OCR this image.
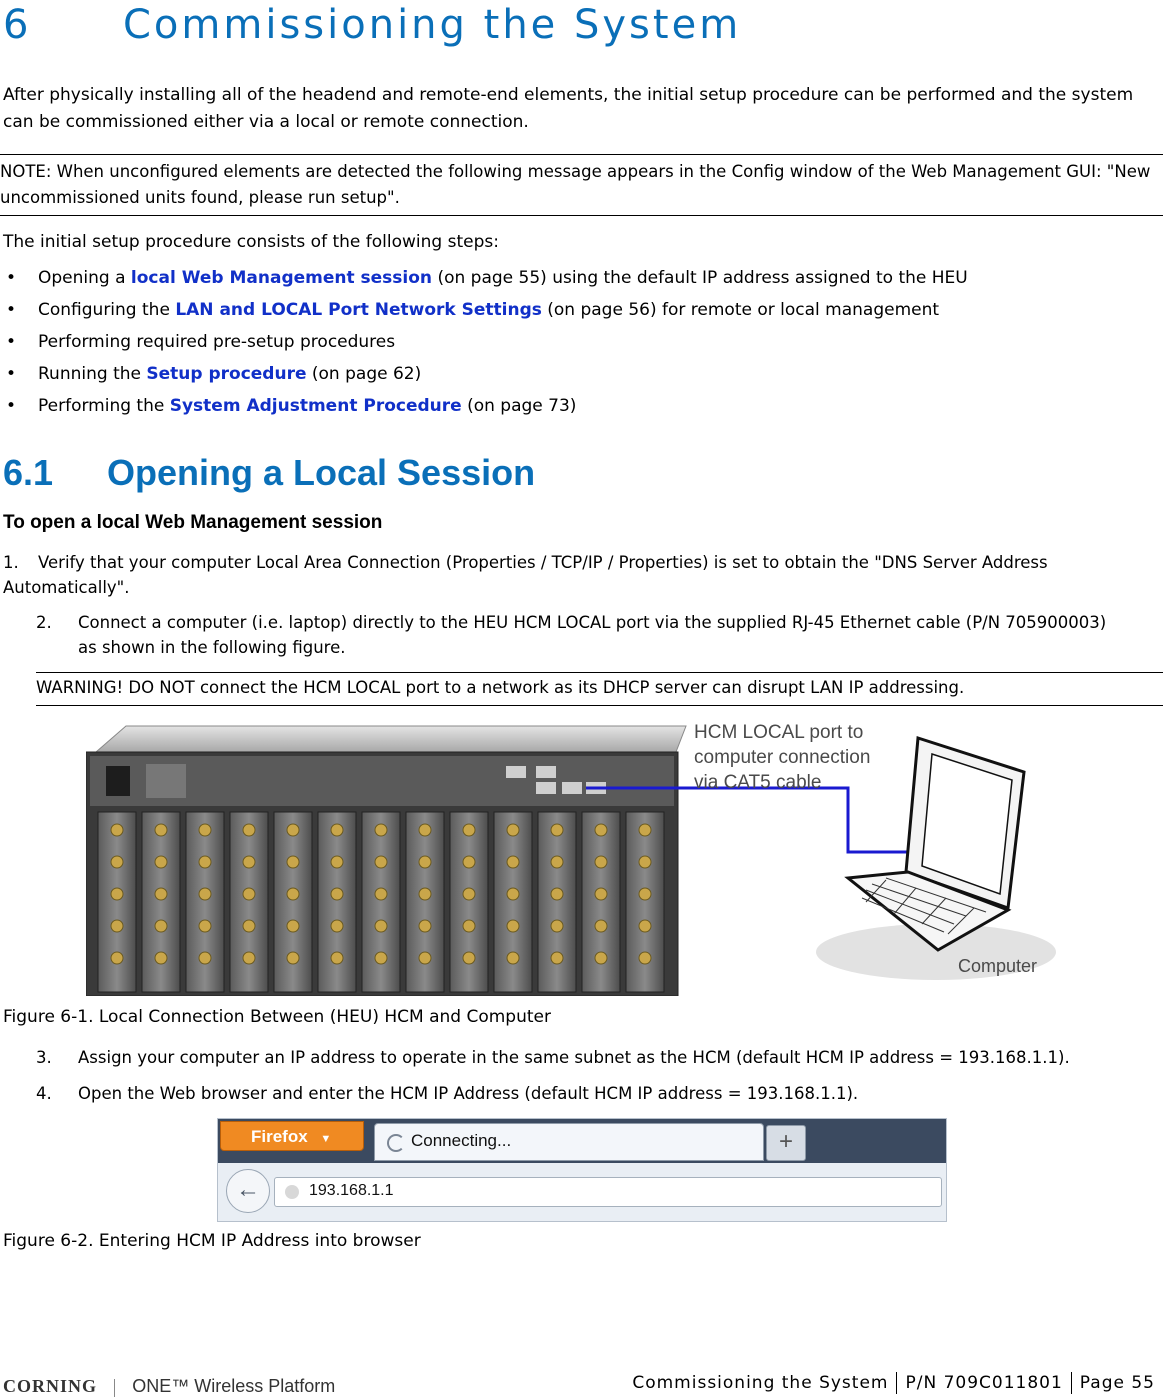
6 Commissioning the System
After physically installing all of the headend and remote-end elements, the initial setup procedure can be performed and the system can be commissioned either via a local or remote connection.
NOTE: When unconfigured elements are detected the following message appears in the Config window of the Web Management GUI: "New uncommissioned units found, please run setup".
The initial setup procedure consists of the following steps:
• Opening a local Web Management session (on page 55) using the default IP address assigned to the HEU
• Configuring the LAN and LOCAL Port Network Settings (on page 56) for remote or local management
• Performing required pre-setup procedures
• Running the Setup procedure (on page 62)
• Performing the System Adjustment Procedure (on page 73)
6.1 Opening a Local Session
To open a local Web Management session
1. Verify that your computer Local Area Connection (Properties / TCP/IP / Properties) is set to obtain the "DNS Server Address Automatically".
2.	Connect a computer (i.e. laptop) directly to the HEU HCM LOCAL port via the supplied RJ-45 Ethernet cable (P/N 705900003) as shown in the following figure.
WARNING! DO NOT connect the HCM LOCAL port to a network as its DHCP server can disrupt LAN IP addressing.
HCM LOCAL port to
computer connection
via CAT5 cable
Computer
Figure 6-1. Local Connection Between (HEU) HCM and Computer
3. Assign your computer an IP address to operate in the same subnet as the HCM (default HCM IP address = 193.168.1.1).
4. Open the Web browser and enter the HCM IP Address (default HCM IP address = 193.168.1.1).
Firefox ▼	Connecting...	+
←	193.168.1.1
Figure 6-2. Entering HCM IP Address into browser
CORNING ONE™ Wireless Platform	Commissioning the System P/N 709C011801 Page 55
